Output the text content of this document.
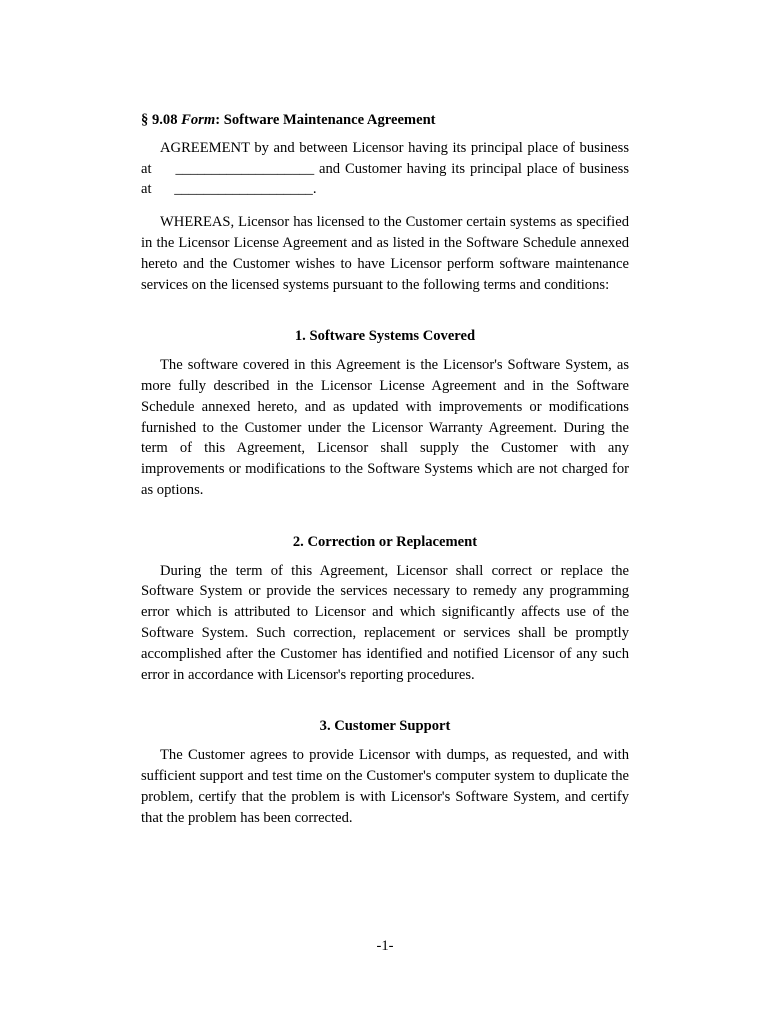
§ 9.08 Form: Software Maintenance Agreement

AGREEMENT by and between Licensor having its principal place of business at ___________________ and Customer having its principal place of business at ___________________.

WHEREAS, Licensor has licensed to the Customer certain systems as specified in the Licensor License Agreement and as listed in the Software Schedule annexed hereto and the Customer wishes to have Licensor perform software maintenance services on the licensed systems pursuant to the following terms and conditions:

1. Software Systems Covered

The software covered in this Agreement is the Licensor's Software System, as more fully described in the Licensor License Agreement and in the Software Schedule annexed hereto, and as updated with improvements or modifications furnished to the Customer under the Licensor Warranty Agreement. During the term of this Agreement, Licensor shall supply the Customer with any improvements or modifications to the Software Systems which are not charged for as options.

2. Correction or Replacement

During the term of this Agreement, Licensor shall correct or replace the Software System or provide the services necessary to remedy any programming error which is attributed to Licensor and which significantly affects use of the Software System. Such correction, replacement or services shall be promptly accomplished after the Customer has identified and notified Licensor of any such error in accordance with Licensor's reporting procedures.

3. Customer Support

The Customer agrees to provide Licensor with dumps, as requested, and with sufficient support and test time on the Customer's computer system to duplicate the problem, certify that the problem is with Licensor's Software System, and certify that the problem has been corrected.

-1-
